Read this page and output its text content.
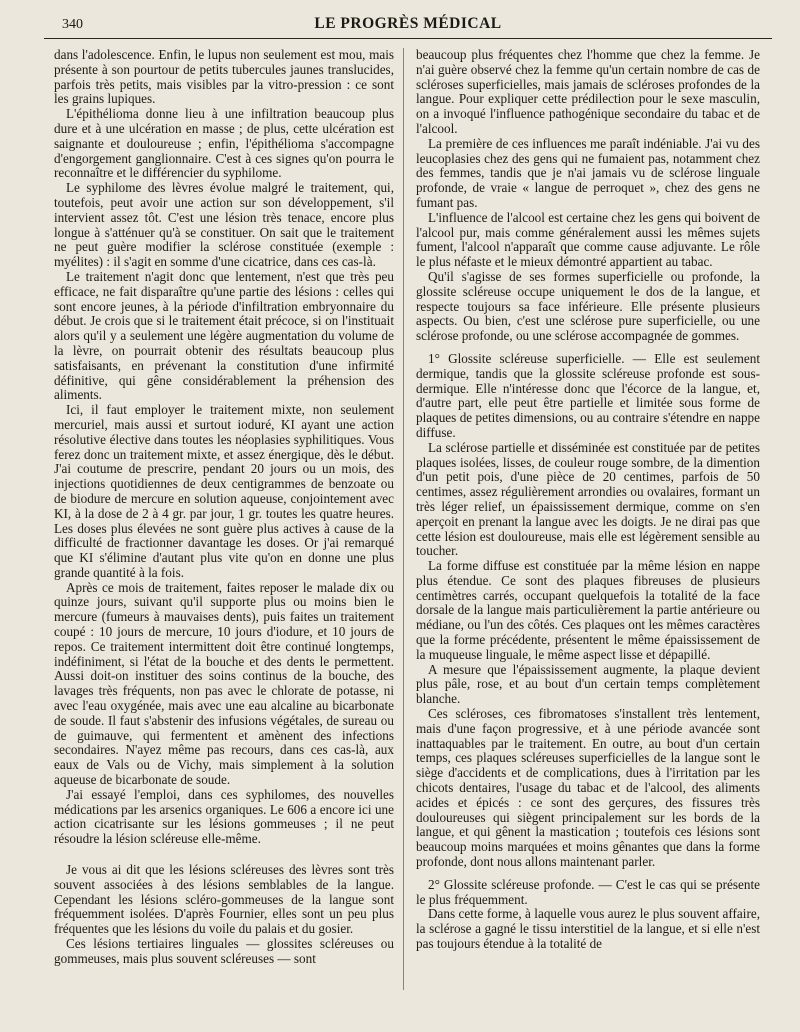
340	LE PROGRÈS MÉDICAL

dans l'adolescence. Enfin, le lupus non seulement est mou, mais présente à son pourtour de petits tubercules jaunes translucides, parfois très petits, mais visibles par la vitro-pression : ce sont les grains lupiques.

L'épithélioma donne lieu à une infiltration beaucoup plus dure et à une ulcération en masse ; de plus, cette ulcération est saignante et douloureuse ; enfin, l'épithélioma s'accompagne d'engorgement ganglionnaire. C'est à ces signes qu'on pourra le reconnaître et le différencier du syphilome.

Le syphilome des lèvres évolue malgré le traitement, qui, toutefois, peut avoir une action sur son développement, s'il intervient assez tôt. C'est une lésion très tenace, encore plus longue à s'atténuer qu'à se constituer. On sait que le traitement ne peut guère modifier la sclérose constituée (exemple : myélites) : il s'agit en somme d'une cicatrice, dans ces cas-là.

Le traitement n'agit donc que lentement, n'est que très peu efficace, ne fait disparaître qu'une partie des lésions : celles qui sont encore jeunes, à la période d'infiltration embryonnaire du début. Je crois que si le traitement était précoce, si on l'instituait alors qu'il y a seulement une légère augmentation du volume de la lèvre, on pourrait obtenir des résultats beaucoup plus satisfaisants, en prévenant la constitution d'une infirmité définitive, qui gêne considérablement la préhension des aliments.

Ici, il faut employer le traitement mixte, non seulement mercuriel, mais aussi et surtout ioduré, KI ayant une action résolutive élective dans toutes les néoplasies syphilitiques. Vous ferez donc un traitement mixte, et assez énergique, dès le début. J'ai coutume de prescrire, pendant 20 jours ou un mois, des injections quotidiennes de deux centigrammes de benzoate ou de biodure de mercure en solution aqueuse, conjointement avec KI, à la dose de 2 à 4 gr. par jour, 1 gr. toutes les quatre heures. Les doses plus élevées ne sont guère plus actives à cause de la difficulté de fractionner davantage les doses. Or j'ai remarqué que KI s'élimine d'autant plus vite qu'on en donne une plus grande quantité à la fois.

Après ce mois de traitement, faites reposer le malade dix ou quinze jours, suivant qu'il supporte plus ou moins bien le mercure (fumeurs à mauvaises dents), puis faites un traitement coupé : 10 jours de mercure, 10 jours d'iodure, et 10 jours de repos. Ce traitement intermittent doit être continué longtemps, indéfiniment, si l'état de la bouche et des dents le permettent. Aussi doit-on instituer des soins continus de la bouche, des lavages très fréquents, non pas avec le chlorate de potasse, ni avec l'eau oxygénée, mais avec une eau alcaline au bicarbonate de soude. Il faut s'abstenir des infusions végétales, de sureau ou de guimauve, qui fermentent et amènent des infections secondaires. N'ayez même pas recours, dans ces cas-là, aux eaux de Vals ou de Vichy, mais simplement à la solution aqueuse de bicarbonate de soude.

J'ai essayé l'emploi, dans ces syphilomes, des nouvelles médications par les arsenics organiques. Le 606 a encore ici une action cicatrisante sur les lésions gommeuses ; il ne peut résoudre la lésion scléreuse elle-même.

Je vous ai dit que les lésions scléreuses des lèvres sont très souvent associées à des lésions semblables de la langue. Cependant les lésions scléro-gommeuses de la langue sont fréquemment isolées. D'après Fournier, elles sont un peu plus fréquentes que les lésions du voile du palais et du gosier.

Ces lésions tertiaires linguales — glossites scléreuses ou gommeuses, mais plus souvent scléreuses — sont

beaucoup plus fréquentes chez l'homme que chez la femme. Je n'ai guère observé chez la femme qu'un certain nombre de cas de scléroses superficielles, mais jamais de scléroses profondes de la langue. Pour expliquer cette prédilection pour le sexe masculin, on a invoqué l'influence pathogénique secondaire du tabac et de l'alcool.

La première de ces influences me paraît indéniable. J'ai vu des leucoplasies chez des gens qui ne fumaient pas, notamment chez des femmes, tandis que je n'ai jamais vu de sclérose linguale profonde, de vraie « langue de perroquet », chez des gens ne fumant pas.

L'influence de l'alcool est certaine chez les gens qui boivent de l'alcool pur, mais comme généralement aussi les mêmes sujets fument, l'alcool n'apparaît que comme cause adjuvante. Le rôle le plus néfaste et le mieux démontré appartient au tabac.

Qu'il s'agisse de ses formes superficielle ou profonde, la glossite scléreuse occupe uniquement le dos de la langue, et respecte toujours sa face inférieure. Elle présente plusieurs aspects. Ou bien, c'est une sclérose pure superficielle, ou une sclérose profonde, ou une sclérose accompagnée de gommes.

1° Glossite scléreuse superficielle. — Elle est seulement dermique, tandis que la glossite scléreuse profonde est sous-dermique. Elle n'intéresse donc que l'écorce de la langue, et, d'autre part, elle peut être partielle et limitée sous forme de plaques de petites dimensions, ou au contraire s'étendre en nappe diffuse.

La sclérose partielle et disséminée est constituée par de petites plaques isolées, lisses, de couleur rouge sombre, de la dimention d'un petit pois, d'une pièce de 20 centimes, parfois de 50 centimes, assez régulièrement arrondies ou ovalaires, formant un très léger relief, un épaississement dermique, comme on s'en aperçoit en prenant la langue avec les doigts. Je ne dirai pas que cette lésion est douloureuse, mais elle est légèrement sensible au toucher.

La forme diffuse est constituée par la même lésion en nappe plus étendue. Ce sont des plaques fibreuses de plusieurs centimètres carrés, occupant quelquefois la totalité de la face dorsale de la langue mais particulièrement la partie antérieure ou médiane, ou l'un des côtés. Ces plaques ont les mêmes caractères que la forme précédente, présentent le même épaississement de la muqueuse linguale, le même aspect lisse et dépapillé.

A mesure que l'épaississement augmente, la plaque devient plus pâle, rose, et au bout d'un certain temps complètement blanche.

Ces scléroses, ces fibromatoses s'installent très lentement, mais d'une façon progressive, et à une période avancée sont inattaquables par le traitement. En outre, au bout d'un certain temps, ces plaques scléreuses superficielles de la langue sont le siège d'accidents et de complications, dues à l'irritation par les chicots dentaires, l'usage du tabac et de l'alcool, des aliments acides et épicés : ce sont des gerçures, des fissures très douloureuses qui siègent principalement sur les bords de la langue, et qui gênent la mastication ; toutefois ces lésions sont beaucoup moins marquées et moins gênantes que dans la forme profonde, dont nous allons maintenant parler.

2° Glossite scléreuse profonde. — C'est le cas qui se présente le plus fréquemment.

Dans cette forme, à laquelle vous aurez le plus souvent affaire, la sclérose a gagné le tissu interstitiel de la langue, et si elle n'est pas toujours étendue à la totalité de
